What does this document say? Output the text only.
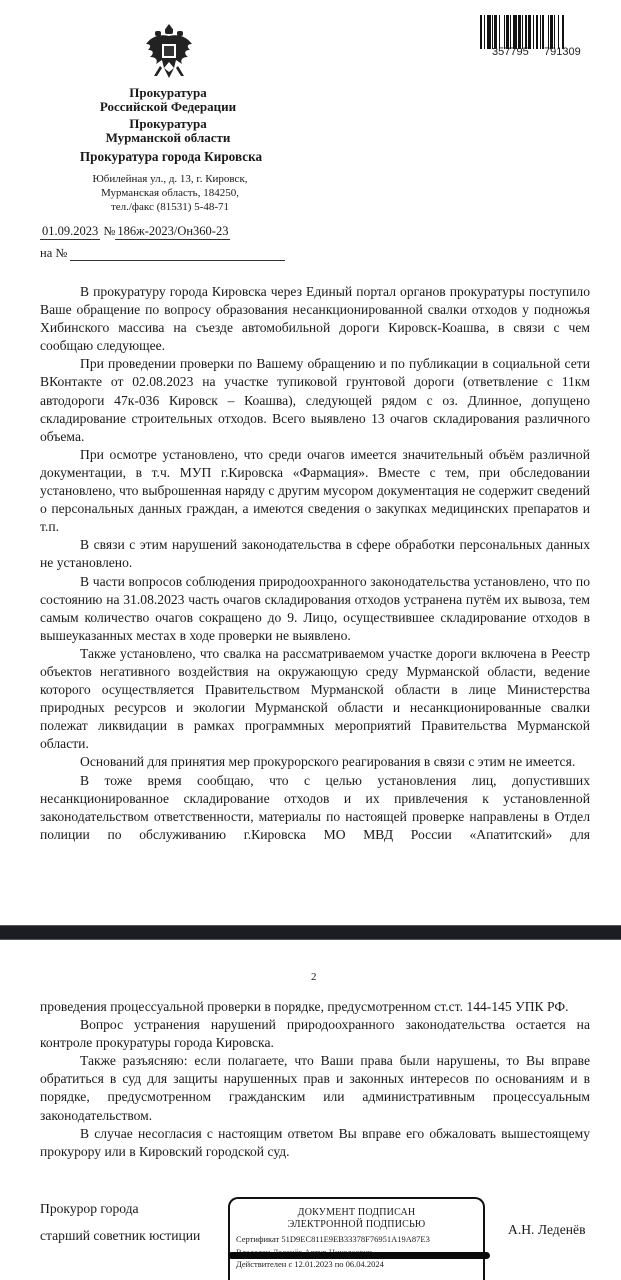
Прокуратура
Российской Федерации
Прокуратура
Мурманской области
Прокуратура города Кировска
Юбилейная ул., д. 13, г. Кировск,
Мурманская область, 184250,
тел./факс (81531) 5-48-71
01.09.2023 № 186ж-2023/Он360-23
на №
357795 791309

В прокуратуру города Кировска через Единый портал органов прокуратуры поступило Ваше обращение по вопросу образования несанкционированной свалки отходов у подножья Хибинского массива на съезде автомобильной дороги Кировск-Коашва, в связи с чем сообщаю следующее.

При проведении проверки по Вашему обращению и по публикации в социальной сети ВКонтакте от 02.08.2023 на участке тупиковой грунтовой дороги (ответвление с 11км автодороги 47к-036 Кировск – Коашва), следующей рядом с оз. Длинное, допущено складирование строительных отходов. Всего выявлено 13 очагов складирования различного объема.

При осмотре установлено, что среди очагов имеется значительный объём различной документации, в т.ч. МУП г.Кировска «Фармация». Вместе с тем, при обследовании установлено, что выброшенная наряду с другим мусором документация не содержит сведений о персональных данных граждан, а имеются сведения о закупках медицинских препаратов и т.п.

В связи с этим нарушений законодательства в сфере обработки персональных данных не установлено.

В части вопросов соблюдения природоохранного законодательства установлено, что по состоянию на 31.08.2023 часть очагов складирования отходов устранена путём их вывоза, тем самым количество очагов сокращено до 9. Лицо, осуществившее складирование отходов в вышеуказанных местах в ходе проверки не выявлено.

Также установлено, что свалка на рассматриваемом участке дороги включена в Реестр объектов негативного воздействия на окружающую среду Мурманской области, ведение которого осуществляется Правительством Мурманской области в лице Министерства природных ресурсов и экологии Мурманской области и несанкционированные свалки полежат ликвидации в рамках программных мероприятий Правительства Мурманской области.

Оснований для принятия мер прокурорского реагирования в связи с этим не имеется.

В тоже время сообщаю, что с целью установления лиц, допустивших несанкционированное складирование отходов и их привлечения к установленной законодательством ответственности, материалы по настоящей проверке направлены в Отдел полиции по обслуживанию г.Кировска МО МВД России «Апатитский» для

2
проведения процессуальной проверки в порядке, предусмотренном ст.ст. 144-145 УПК РФ.

Вопрос устранения нарушений природоохранного законодательства остается на контроле прокуратуры города Кировска.

Также разъясняю: если полагаете, что Ваши права были нарушены, то Вы вправе обратиться в суд для защиты нарушенных прав и законных интересов по основаниям и в порядке, предусмотренном гражданским или административным процессуальным законодательством.

В случае несогласия с настоящим ответом Вы вправе его обжаловать вышестоящему прокурору или в Кировский городской суд.

Прокурор города
старший советник юстиции
ДОКУМЕНТ ПОДПИСАН
ЭЛЕКТРОННОЙ ПОДПИСЬЮ
Сертификат 51D9EC811E9EB33378F76951A19A87E3
Действителен с 12.01.2023 по 06.04.2024
А.Н. Леденёв
